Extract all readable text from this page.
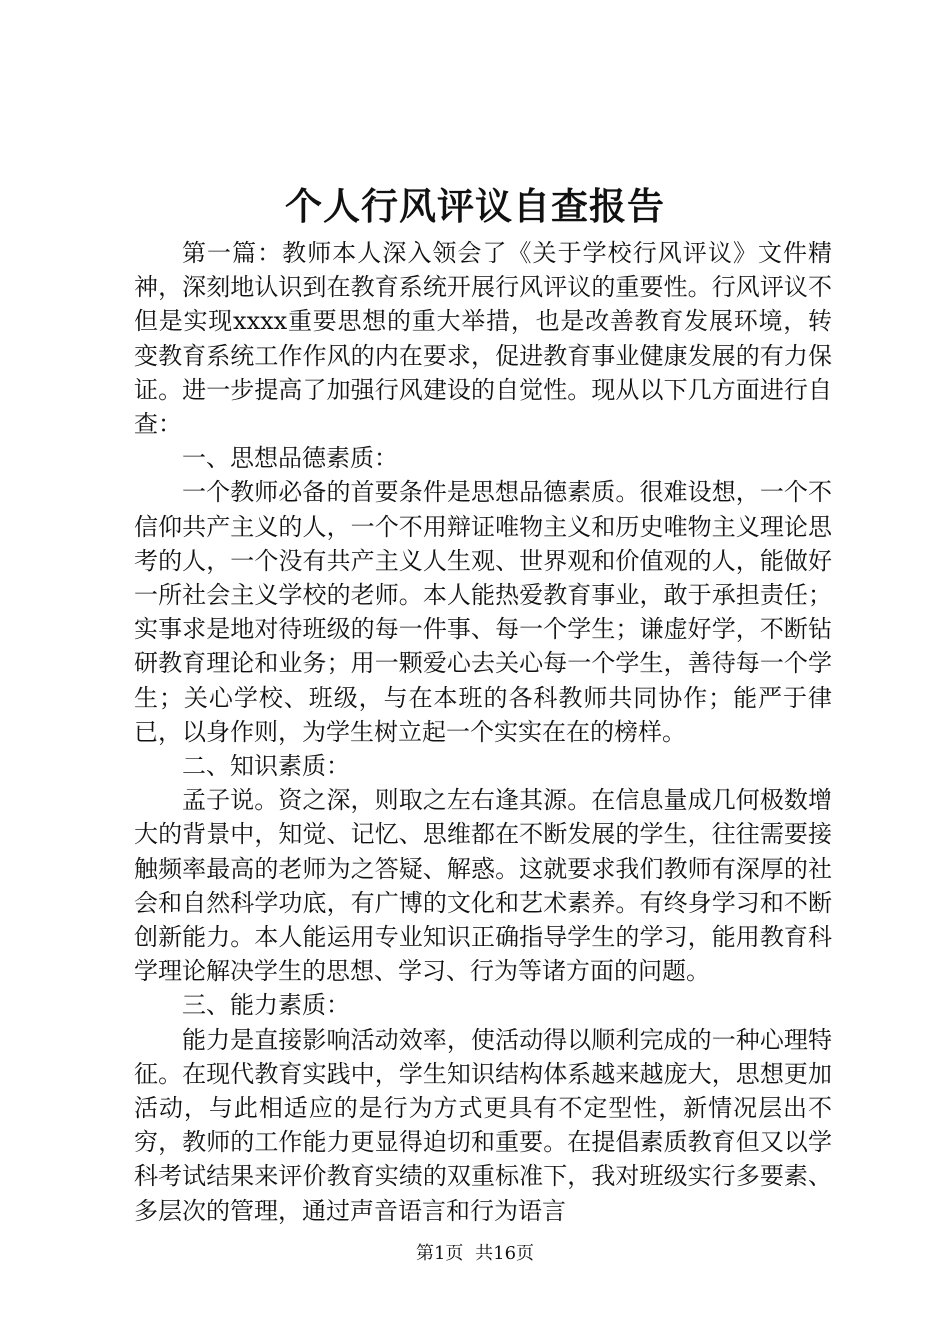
个人行风评议自查报告

第一篇：教师本人深入领会了《关于学校行风评议》文件精神，深刻地认识到在教育系统开展行风评议的重要性。行风评议不但是实现xxxx重要思想的重大举措，也是改善教育发展环境，转变教育系统工作作风的内在要求，促进教育事业健康发展的有力保证。进一步提高了加强行风建设的自觉性。现从以下几方面进行自查：

一、思想品德素质：

一个教师必备的首要条件是思想品德素质。很难设想，一个不信仰共产主义的人，一个不用辩证唯物主义和历史唯物主义理论思考的人，一个没有共产主义人生观、世界观和价值观的人，能做好一所社会主义学校的老师。本人能热爱教育事业，敢于承担责任；实事求是地对待班级的每一件事、每一个学生；谦虚好学，不断钻研教育理论和业务；用一颗爱心去关心每一个学生，善待每一个学生；关心学校、班级，与在本班的各科教师共同协作；能严于律已，以身作则，为学生树立起一个实实在在的榜样。

二、知识素质：

孟子说。资之深，则取之左右逢其源。在信息量成几何极数增大的背景中，知觉、记忆、思维都在不断发展的学生，往往需要接触频率最高的老师为之答疑、解惑。这就要求我们教师有深厚的社会和自然科学功底，有广博的文化和艺术素养。有终身学习和不断创新能力。本人能运用专业知识正确指导学生的学习，能用教育科学理论解决学生的思想、学习、行为等诸方面的问题。

三、能力素质：

能力是直接影响活动效率，使活动得以顺利完成的一种心理特征。在现代教育实践中，学生知识结构体系越来越庞大，思想更加活动，与此相适应的是行为方式更具有不定型性，新情况层出不穷，教师的工作能力更显得迫切和重要。在提倡素质教育但又以学科考试结果来评价教育实绩的双重标准下，我对班级实行多要素、多层次的管理，通过声音语言和行为语言

第1页 共16页
